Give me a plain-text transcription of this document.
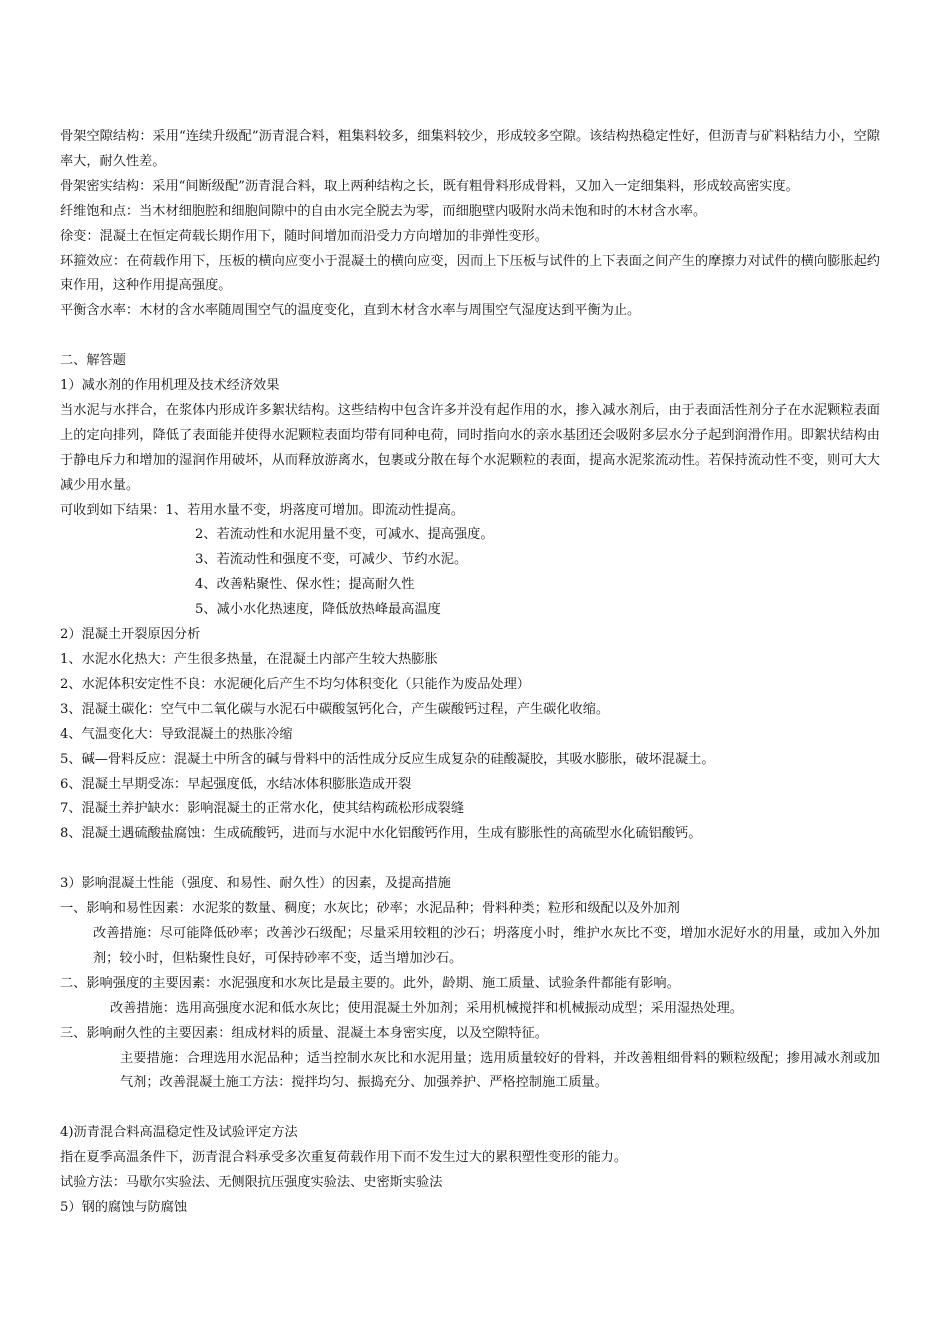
骨架空隙结构：采用“连续升级配”沥青混合料，粗集料较多，细集料较少，形成较多空隙。该结构热稳定性好，但沥青与矿料粘结力小，空隙率大，耐久性差。

骨架密实结构：采用“间断级配”沥青混合料，取上两种结构之长，既有粗骨料形成骨料，又加入一定细集料，形成较高密实度。

纤维饱和点：当木材细胞腔和细胞间隙中的自由水完全脱去为零，而细胞壁内吸附水尚未饱和时的木材含水率。

徐变：混凝土在恒定荷载长期作用下，随时间增加而沿受力方向增加的非弹性变形。

环箍效应：在荷载作用下，压板的横向应变小于混凝土的横向应变，因而上下压板与试件的上下表面之间产生的摩擦力对试件的横向膨胀起约束作用，这种作用提高强度。

平衡含水率：木材的含水率随周围空气的温度变化，直到木材含水率与周围空气湿度达到平衡为止。

二、解答题

1）减水剂的作用机理及技术经济效果

当水泥与水拌合，在浆体内形成许多絮状结构。这些结构中包含许多并没有起作用的水，掺入减水剂后，由于表面活性剂分子在水泥颗粒表面上的定向排列，降低了表面能并使得水泥颗粒表面均带有同种电荷，同时指向水的亲水基团还会吸附多层水分子起到润滑作用。即絮状结构由于静电斥力和增加的湿润作用破坏，从而释放游离水，包裹或分散在每个水泥颗粒的表面，提高水泥浆流动性。若保持流动性不变，则可大大减少用水量。

可收到如下结果：1、若用水量不变，坍落度可增加。即流动性提高。

2、若流动性和水泥用量不变，可减水、提高强度。

3、若流动性和强度不变，可减少、节约水泥。

4、改善粘聚性、保水性；提高耐久性

5、减小水化热速度，降低放热峰最高温度

2）混凝土开裂原因分析

1、水泥水化热大：产生很多热量，在混凝土内部产生较大热膨胀

2、水泥体积安定性不良：水泥硬化后产生不均匀体积变化（只能作为废品处理）

3、混凝土碳化：空气中二氧化碳与水泥石中碳酸氢钙化合，产生碳酸钙过程，产生碳化收缩。

4、气温变化大：导致混凝土的热胀冷缩

5、碱—骨料反应：混凝土中所含的碱与骨料中的活性成分反应生成复杂的硅酸凝胶，其吸水膨胀，破坏混凝土。

6、混凝土早期受冻：早起强度低，水结冰体积膨胀造成开裂

7、混凝土养护缺水：影响混凝土的正常水化，使其结构疏松形成裂缝

8、混凝土遇硫酸盐腐蚀：生成硫酸钙，进而与水泥中水化铝酸钙作用，生成有膨胀性的高硫型水化硫铝酸钙。

3）影响混凝土性能（强度、和易性、耐久性）的因素，及提高措施

一、影响和易性因素：水泥浆的数量、稠度；水灰比；砂率；水泥品种；骨料种类；粒形和级配以及外加剂

改善措施：尽可能降低砂率；改善沙石级配；尽量采用较粗的沙石；坍落度小时，维护水灰比不变，增加水泥好水的用量，或加入外加剂；较小时，但粘聚性良好，可保持砂率不变，适当增加沙石。

二、影响强度的主要因素：水泥强度和水灰比是最主要的。此外，龄期、施工质量、试验条件都能有影响。

改善措施：选用高强度水泥和低水灰比；使用混凝土外加剂；采用机械搅拌和机械振动成型；采用湿热处理。

三、影响耐久性的主要因素：组成材料的质量、混凝土本身密实度，以及空隙特征。

主要措施：合理选用水泥品种；适当控制水灰比和水泥用量；选用质量较好的骨料，并改善粗细骨料的颗粒级配；掺用减水剂或加气剂；改善混凝土施工方法：搅拌均匀、振捣充分、加强养护、严格控制施工质量。

4)沥青混合料高温稳定性及试验评定方法

指在夏季高温条件下，沥青混合料承受多次重复荷载作用下而不发生过大的累积塑性变形的能力。

试验方法：马歇尔实验法、无侧限抗压强度实验法、史密斯实验法

5）钢的腐蚀与防腐蚀
